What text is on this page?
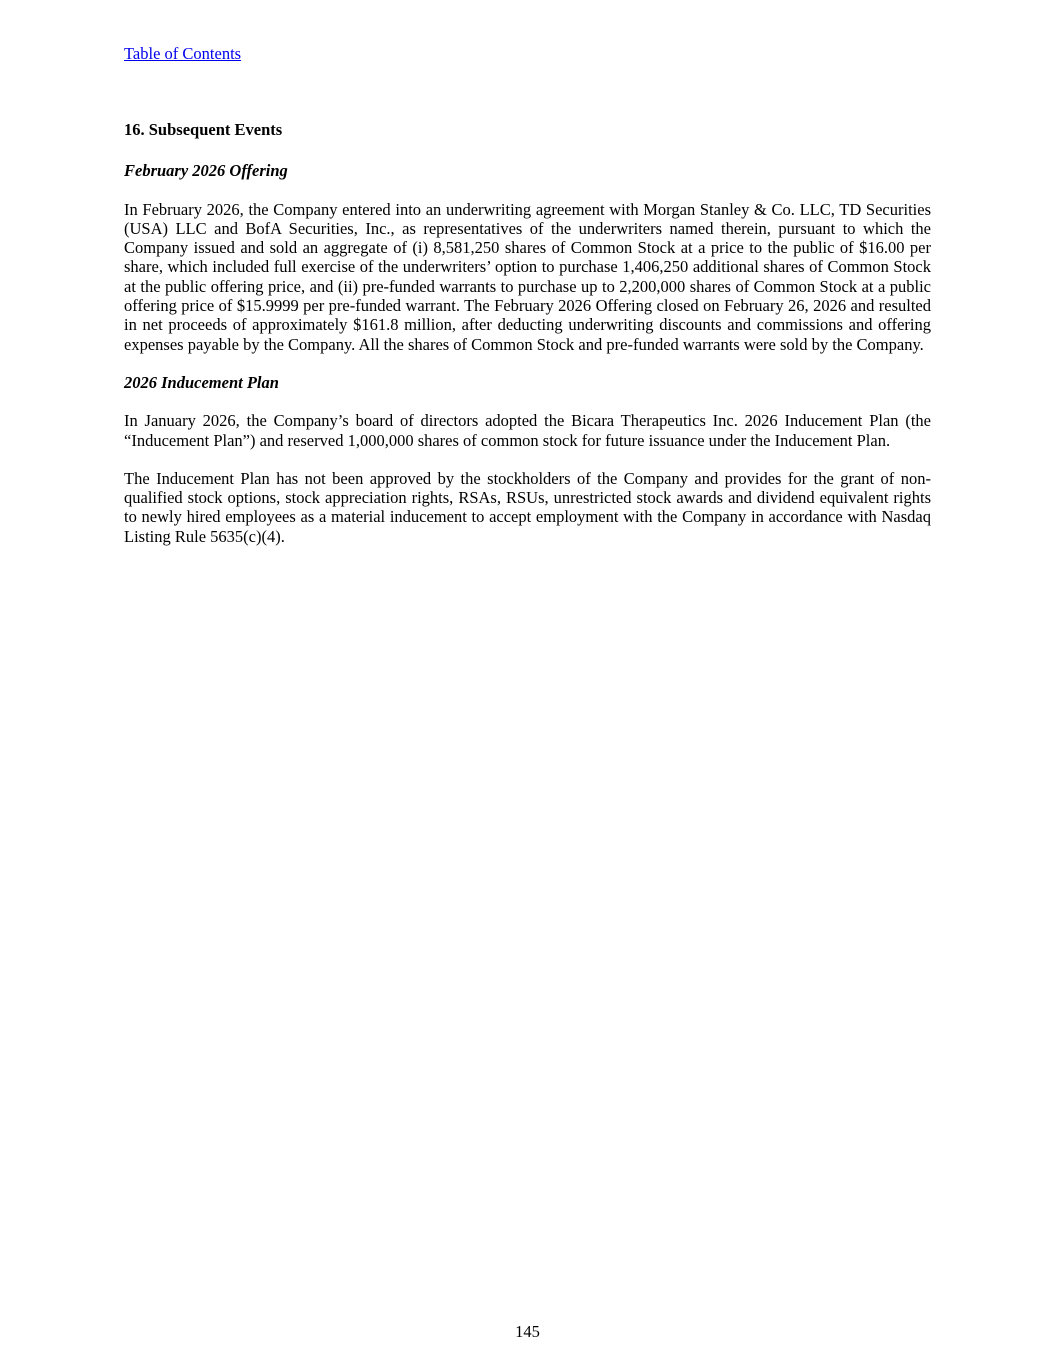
Table of Contents
16. Subsequent Events
February 2026 Offering

In February 2026, the Company entered into an underwriting agreement with Morgan Stanley & Co. LLC, TD Securities (USA) LLC and BofA Securities, Inc., as representatives of the underwriters named therein, pursuant to which the Company issued and sold an aggregate of (i) 8,581,250 shares of Common Stock at a price to the public of $16.00 per share, which included full exercise of the underwriters’ option to purchase 1,406,250 additional shares of Common Stock at the public offering price, and (ii) pre-funded warrants to purchase up to 2,200,000 shares of Common Stock at a public offering price of $15.9999 per pre-funded warrant. The February 2026 Offering closed on February 26, 2026 and resulted in net proceeds of approximately $161.8 million, after deducting underwriting discounts and commissions and offering expenses payable by the Company. All the shares of Common Stock and pre-funded warrants were sold by the Company.

2026 Inducement Plan

In January 2026, the Company’s board of directors adopted the Bicara Therapeutics Inc. 2026 Inducement Plan (the “Inducement Plan”) and reserved 1,000,000 shares of common stock for future issuance under the Inducement Plan.

The Inducement Plan has not been approved by the stockholders of the Company and provides for the grant of non-qualified stock options, stock appreciation rights, RSAs, RSUs, unrestricted stock awards and dividend equivalent rights to newly hired employees as a material inducement to accept employment with the Company in accordance with Nasdaq Listing Rule 5635(c)(4).

145
